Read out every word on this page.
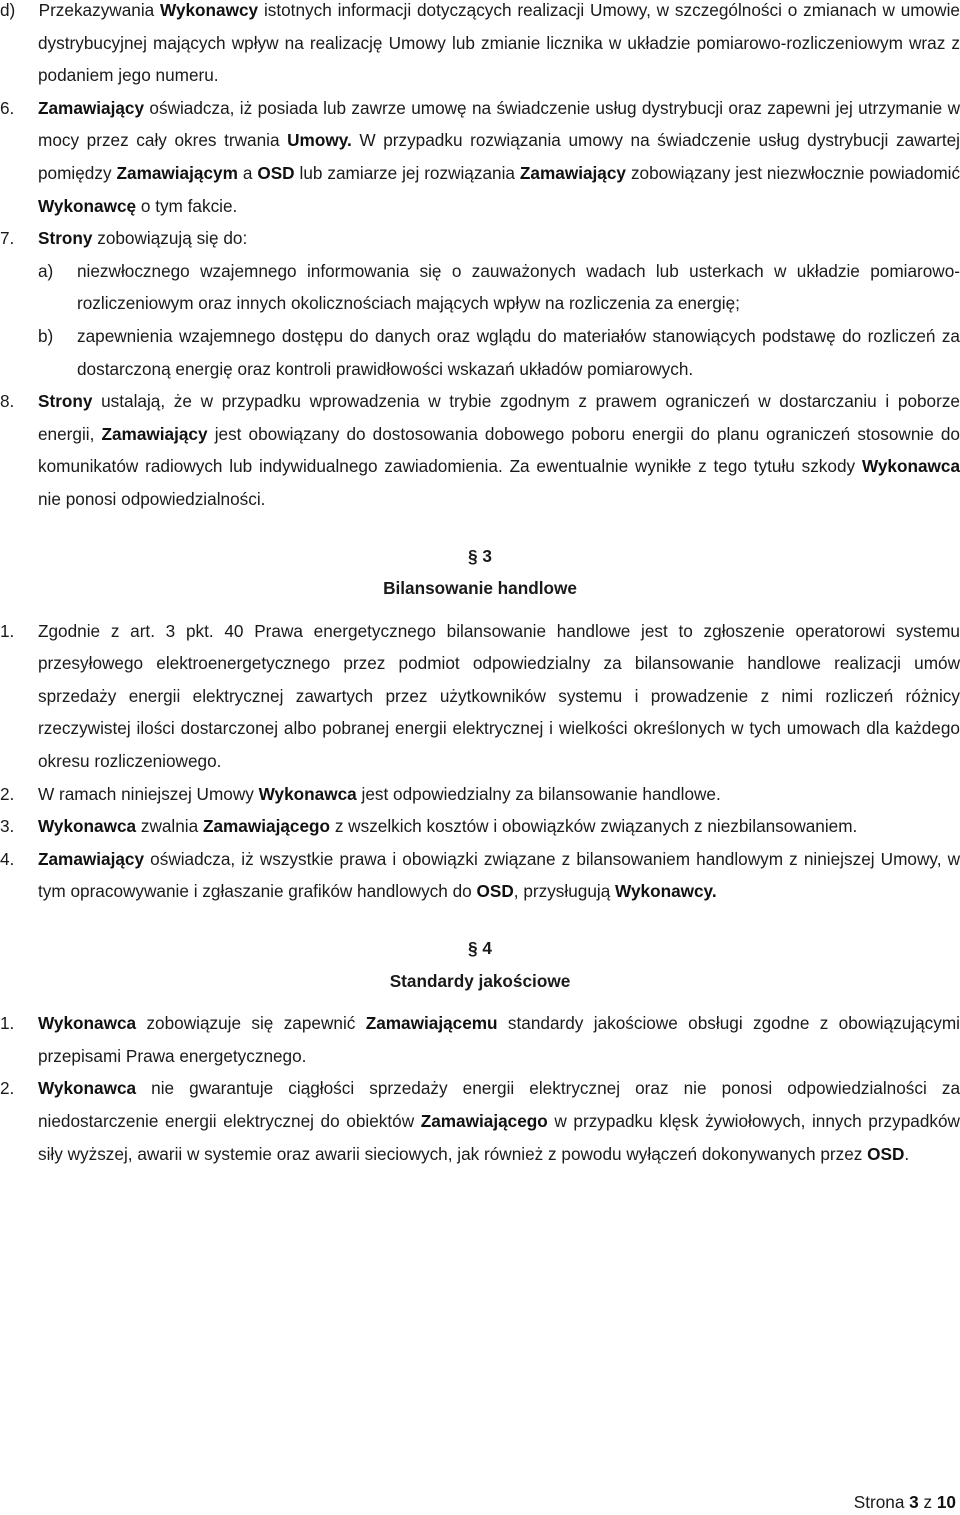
d) Przekazywania Wykonawcy istotnych informacji dotyczących realizacji Umowy, w szczególności o zmianach w umowie dystrybucyjnej mających wpływ na realizację Umowy lub zmianie licznika w układzie pomiarowo-rozliczeniowym wraz z podaniem jego numeru.

6. Zamawiający oświadcza, iż posiada lub zawrze umowę na świadczenie usług dystrybucji oraz zapewni jej utrzymanie w mocy przez cały okres trwania Umowy. W przypadku rozwiązania umowy na świadczenie usług dystrybucji zawartej pomiędzy Zamawiającym a OSD lub zamiarze jej rozwiązania Zamawiający zobowiązany jest niezwłocznie powiadomić Wykonawcę o tym fakcie.

7. Strony zobowiązują się do:

a) niezwłocznego wzajemnego informowania się o zauważonych wadach lub usterkach w układzie pomiarowo-rozliczeniowym oraz innych okolicznościach mających wpływ na rozliczenia za energię;

b) zapewnienia wzajemnego dostępu do danych oraz wglądu do materiałów stanowiących podstawę do rozliczeń za dostarczoną energię oraz kontroli prawidłowości wskazań układów pomiarowych.

8. Strony ustalają, że w przypadku wprowadzenia w trybie zgodnym z prawem ograniczeń w dostarczaniu i poborze energii, Zamawiający jest obowiązany do dostosowania dobowego poboru energii do planu ograniczeń stosownie do komunikatów radiowych lub indywidualnego zawiadomienia. Za ewentualnie wynikłe z tego tytułu szkody Wykonawca nie ponosi odpowiedzialności.

§ 3
Bilansowanie handlowe
1. Zgodnie z art. 3 pkt. 40 Prawa energetycznego bilansowanie handlowe jest to zgłoszenie operatorowi systemu przesyłowego elektroenergetycznego przez podmiot odpowiedzialny za bilansowanie handlowe realizacji umów sprzedaży energii elektrycznej zawartych przez użytkowników systemu i prowadzenie z nimi rozliczeń różnicy rzeczywistej ilości dostarczonej albo pobranej energii elektrycznej i wielkości określonych w tych umowach dla każdego okresu rozliczeniowego.

2. W ramach niniejszej Umowy Wykonawca jest odpowiedzialny za bilansowanie handlowe.

3. Wykonawca zwalnia Zamawiającego z wszelkich kosztów i obowiązków związanych z niezbilansowaniem.

4. Zamawiający oświadcza, iż wszystkie prawa i obowiązki związane z bilansowaniem handlowym z niniejszej Umowy, w tym opracowywanie i zgłaszanie grafików handlowych do OSD, przysługują Wykonawcy.

§ 4
Standardy jakościowe
1. Wykonawca zobowiązuje się zapewnić Zamawiającemu standardy jakościowe obsługi zgodne z obowiązującymi przepisami Prawa energetycznego.

2. Wykonawca nie gwarantuje ciągłości sprzedaży energii elektrycznej oraz nie ponosi odpowiedzialności za niedostarczenie energii elektrycznej do obiektów Zamawiającego w przypadku klęsk żywiołowych, innych przypadków siły wyższej, awarii w systemie oraz awarii sieciowych, jak również z powodu wyłączeń dokonywanych przez OSD.

Strona 3 z 10
